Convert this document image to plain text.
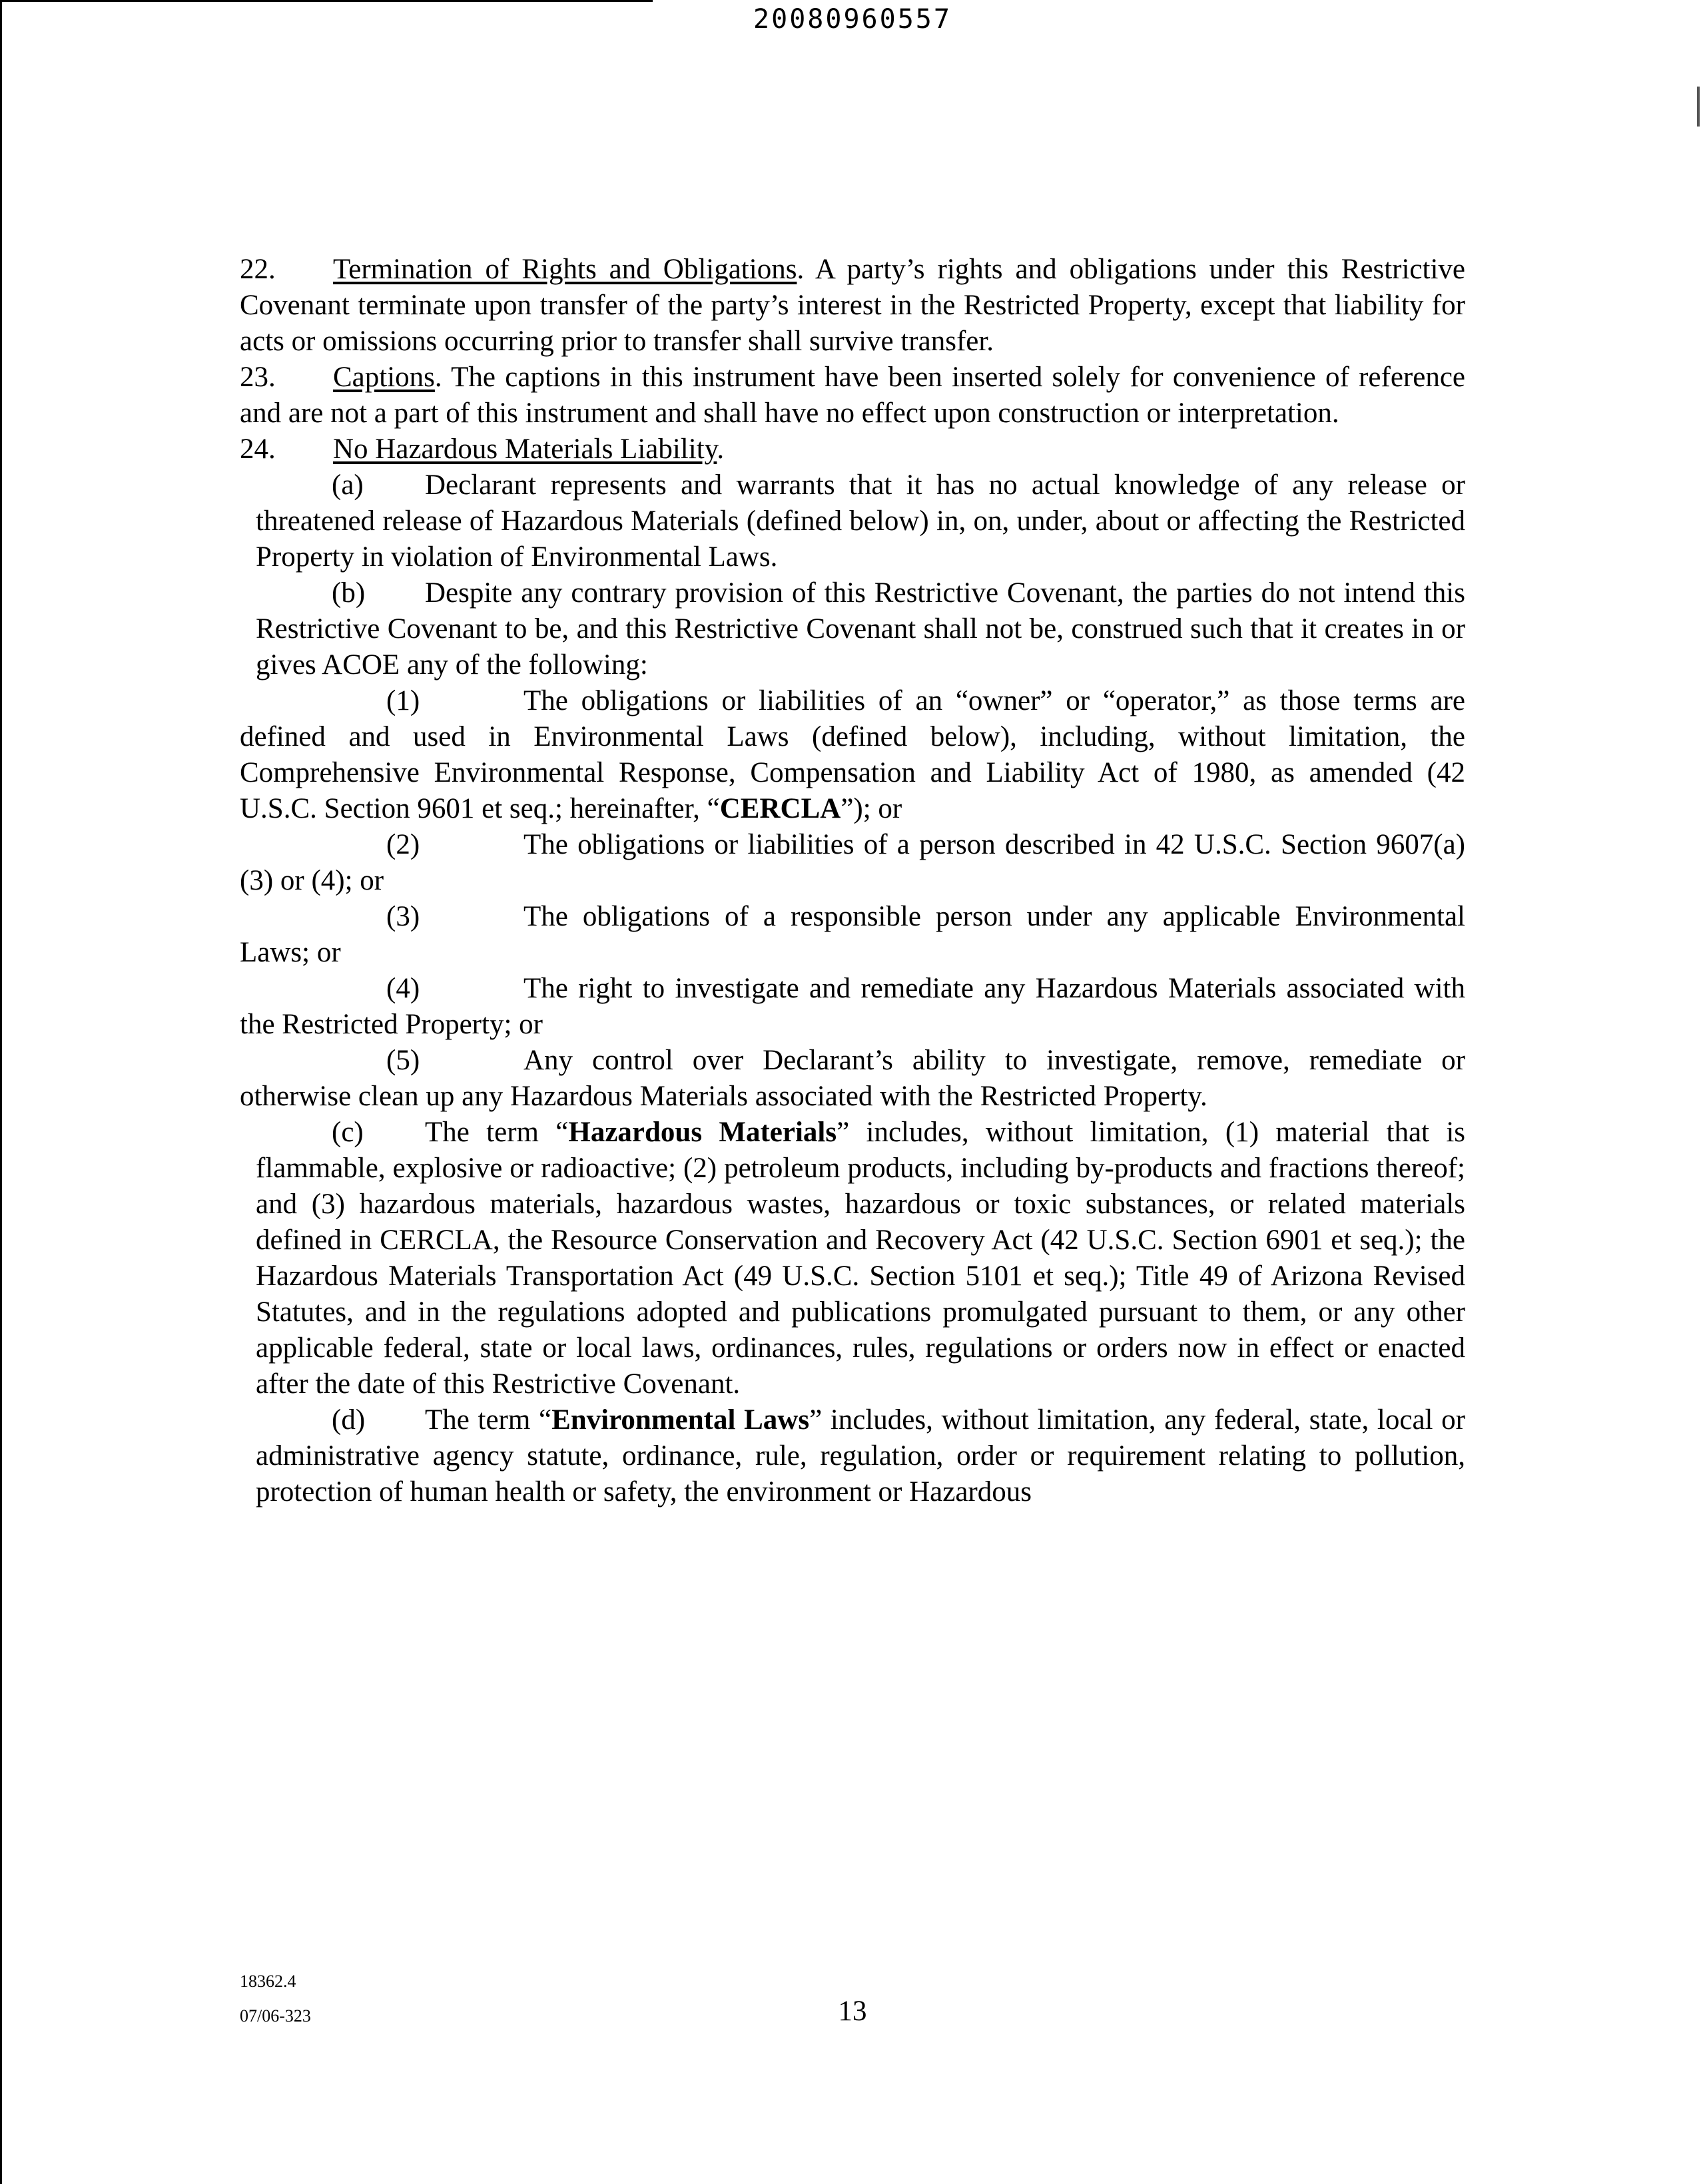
20080960557

22. Termination of Rights and Obligations. A party’s rights and obligations under this Restrictive Covenant terminate upon transfer of the party’s interest in the Restricted Property, except that liability for acts or omissions occurring prior to transfer shall survive transfer.

23. Captions. The captions in this instrument have been inserted solely for convenience of reference and are not a part of this instrument and shall have no effect upon construction or interpretation.

24. No Hazardous Materials Liability.

(a) Declarant represents and warrants that it has no actual knowledge of any release or threatened release of Hazardous Materials (defined below) in, on, under, about or affecting the Restricted Property in violation of Environmental Laws.

(b) Despite any contrary provision of this Restrictive Covenant, the parties do not intend this Restrictive Covenant to be, and this Restrictive Covenant shall not be, construed such that it creates in or gives ACOE any of the following:

(1)	The obligations or liabilities of an “owner” or “operator,” as those terms are defined and used in Environmental Laws (defined below), including, without limitation, the Comprehensive Environmental Response, Compensation and Liability Act of 1980, as amended (42 U.S.C. Section 9601 et seq.; hereinafter, “CERCLA”); or

(2)	The obligations or liabilities of a person described in 42 U.S.C. Section 9607(a)(3) or (4); or

(3)	The obligations of a responsible person under any applicable Environmental Laws; or

(4)	The right to investigate and remediate any Hazardous Materials associated with the Restricted Property; or

(5)	Any control over Declarant’s ability to investigate, remove, remediate or otherwise clean up any Hazardous Materials associated with the Restricted Property.

(c) The term “Hazardous Materials” includes, without limitation, (1) material that is flammable, explosive or radioactive; (2) petroleum products, including by-products and fractions thereof; and (3) hazardous materials, hazardous wastes, hazardous or toxic substances, or related materials defined in CERCLA, the Resource Conservation and Recovery Act (42 U.S.C. Section 6901 et seq.); the Hazardous Materials Transportation Act (49 U.S.C. Section 5101 et seq.); Title 49 of Arizona Revised Statutes, and in the regulations adopted and publications promulgated pursuant to them, or any other applicable federal, state or local laws, ordinances, rules, regulations or orders now in effect or enacted after the date of this Restrictive Covenant.

(d) The term “Environmental Laws” includes, without limitation, any federal, state, local or administrative agency statute, ordinance, rule, regulation, order or requirement relating to pollution, protection of human health or safety, the environment or Hazardous

18362.4
07/06-323	13
